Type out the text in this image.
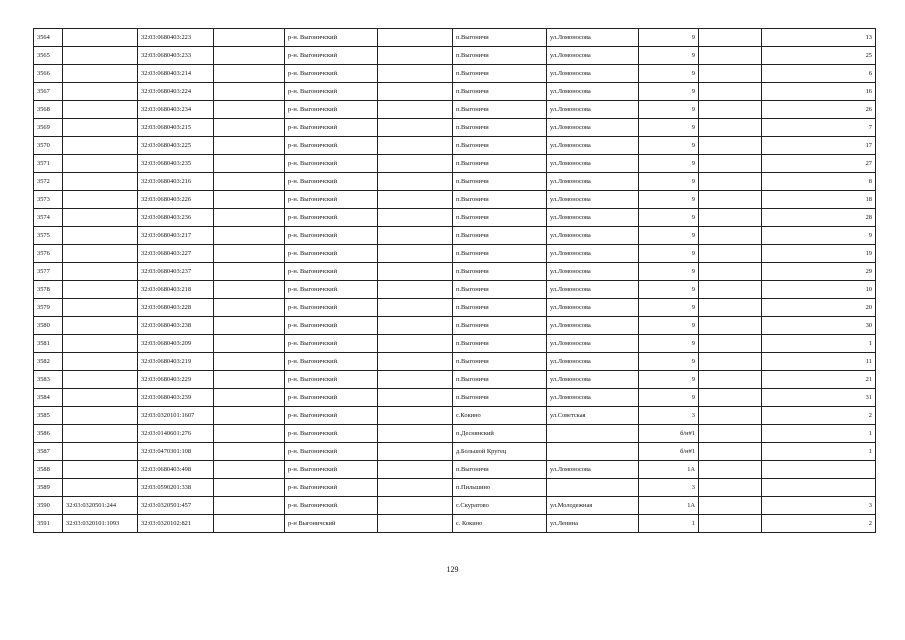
3564		32:03:0680403:223		р-н. Выгоничский		п.Выгоничи	ул.Ломоносова	9		13
3565		32:03:0680403:233		р-н. Выгоничский		п.Выгоничи	ул.Ломоносова	9		25
3566		32:03:0680403:214		р-н. Выгоничский		п.Выгоничи	ул.Ломоносова	9		6
3567		32:03:0680403:224		р-н. Выгоничский		п.Выгоничи	ул.Ломоносова	9		16
3568		32:03:0680403:234		р-н. Выгоничский		п.Выгоничи	ул.Ломоносова	9		26
3569		32:03:0680403:215		р-н. Выгоничский		п.Выгоничи	ул.Ломоносова	9		7
3570		32:03:0680403:225		р-н. Выгоничский		п.Выгоничи	ул.Ломоносова	9		17
3571		32:03:0680403:235		р-н. Выгоничский		п.Выгоничи	ул.Ломоносова	9		27
3572		32:03:0680403:216		р-н. Выгоничский		п.Выгоничи	ул.Ломоносова	9		8
3573		32:03:0680403:226		р-н. Выгоничский		п.Выгоничи	ул.Ломоносова	9		18
3574		32:03:0680403:236		р-н. Выгоничский		п.Выгоничи	ул.Ломоносова	9		28
3575		32:03:0680403:217		р-н. Выгоничский		п.Выгоничи	ул.Ломоносова	9		9
3576		32:03:0680403:227		р-н. Выгоничский		п.Выгоничи	ул.Ломоносова	9		19
3577		32:03:0680403:237		р-н. Выгоничский		п.Выгоничи	ул.Ломоносова	9		29
3578		32:03:0680403:218		р-н. Выгоничский		п.Выгоничи	ул.Ломоносова	9		10
3579		32:03:0680403:228		р-н. Выгоничский		п.Выгоничи	ул.Ломоносова	9		20
3580		32:03:0680403:238		р-н. Выгоничский		п.Выгоничи	ул.Ломоносова	9		30
3581		32:03:0680403:209		р-н. Выгоничский		п.Выгоничи	ул.Ломоносова	9		1
3582		32:03:0680403:219		р-н. Выгоничский		п.Выгоничи	ул.Ломоносова	9		11
3583		32:03:0680403:229		р-н. Выгоничский		п.Выгоничи	ул.Ломоносова	9		21
3584		32:03:0680403:239		р-н. Выгоничский		п.Выгоничи	ул.Ломоносова	9		31
3585		32:03:0320101:1607		р-н. Выгоничский		с.Кокино	ул.Советская	3		2
3586		32:03:0140601:276		р-н. Выгоничский		п.Деснянский		б/н#1		1
3587		32:03:0470301:108		р-н. Выгоничский		д.Большой Кругец		б/н#1		1
3588		32:03:0680403:498		р-н. Выгоничский		п.Выгоничи	ул.Ломоносова	1А		
3589		32:03:0590201:338		р-н. Выгоничский		п.Пильшино		3		
3590	32:03:0320501:244	32:03:0320501:457		р-н. Выгоничский		с.Скуратово	ул.Молодежная	1А		3
3591	32:03:0320101:1093	32:03:0320102:821		р-н Выгоничский		с. Кокино	ул.Ленина	1		2
129
